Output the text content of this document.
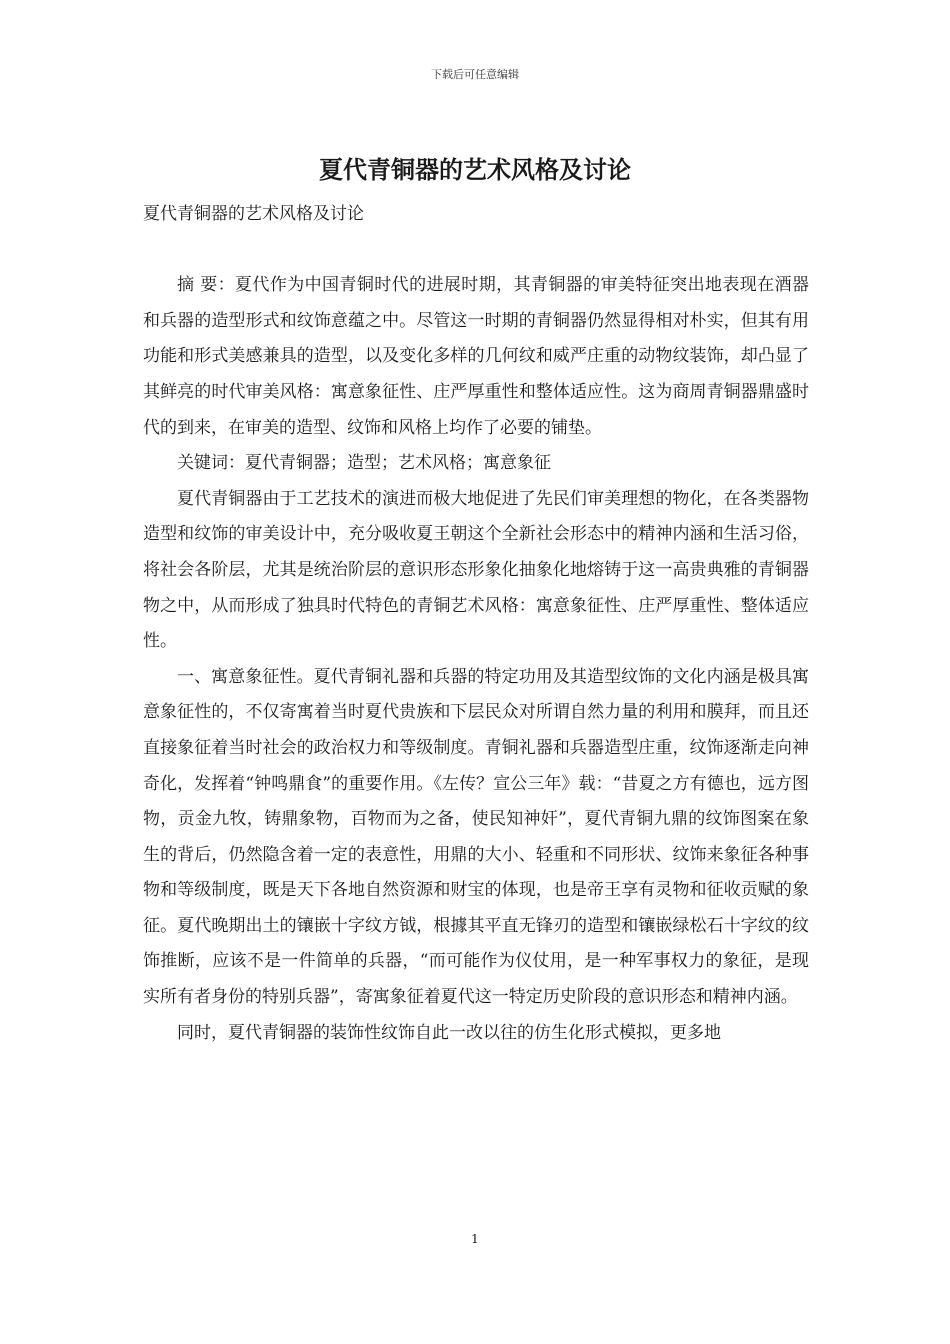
下载后可任意编辑
夏代青铜器的艺术风格及讨论

夏代青铜器的艺术风格及讨论

摘 要：夏代作为中国青铜时代的进展时期，其青铜器的审美特征突出地表现在酒器和兵器的造型形式和纹饰意蕴之中。尽管这一时期的青铜器仍然显得相对朴实，但其有用功能和形式美感兼具的造型，以及变化多样的几何纹和威严庄重的动物纹装饰，却凸显了其鲜亮的时代审美风格：寓意象征性、庄严厚重性和整体适应性。这为商周青铜器鼎盛时代的到来，在审美的造型、纹饰和风格上均作了必要的铺垫。

关键词：夏代青铜器；造型；艺术风格；寓意象征

夏代青铜器由于工艺技术的演进而极大地促进了先民们审美理想的物化，在各类器物造型和纹饰的审美设计中，充分吸收夏王朝这个全新社会形态中的精神内涵和生活习俗，将社会各阶层，尤其是统治阶层的意识形态形象化抽象化地熔铸于这一高贵典雅的青铜器物之中，从而形成了独具时代特色的青铜艺术风格：寓意象征性、庄严厚重性、整体适应性。

一、寓意象征性。夏代青铜礼器和兵器的特定功用及其造型纹饰的文化内涵是极具寓意象征性的，不仅寄寓着当时夏代贵族和下层民众对所谓自然力量的利用和膜拜，而且还直接象征着当时社会的政治权力和等级制度。青铜礼器和兵器造型庄重，纹饰逐渐走向神奇化，发挥着“钟鸣鼎食”的重要作用。《左传？宣公三年》载：“昔夏之方有德也，远方图物，贡金九牧，铸鼎象物，百物而为之备，使民知神奸”，夏代青铜九鼎的纹饰图案在象生的背后，仍然隐含着一定的表意性，用鼎的大小、轻重和不同形状、纹饰来象征各种事物和等级制度，既是天下各地自然资源和财宝的体现，也是帝王享有灵物和征收贡赋的象征。夏代晚期出土的镶嵌十字纹方钺，根據其平直无锋刃的造型和镶嵌绿松石十字纹的纹饰推断，应该不是一件简单的兵器，“而可能作为仪仗用，是一种军事权力的象征，是现实所有者身份的特别兵器”，寄寓象征着夏代这一特定历史阶段的意识形态和精神内涵。

同时，夏代青铜器的装饰性纹饰自此一改以往的仿生化形式模拟，更多地

1
